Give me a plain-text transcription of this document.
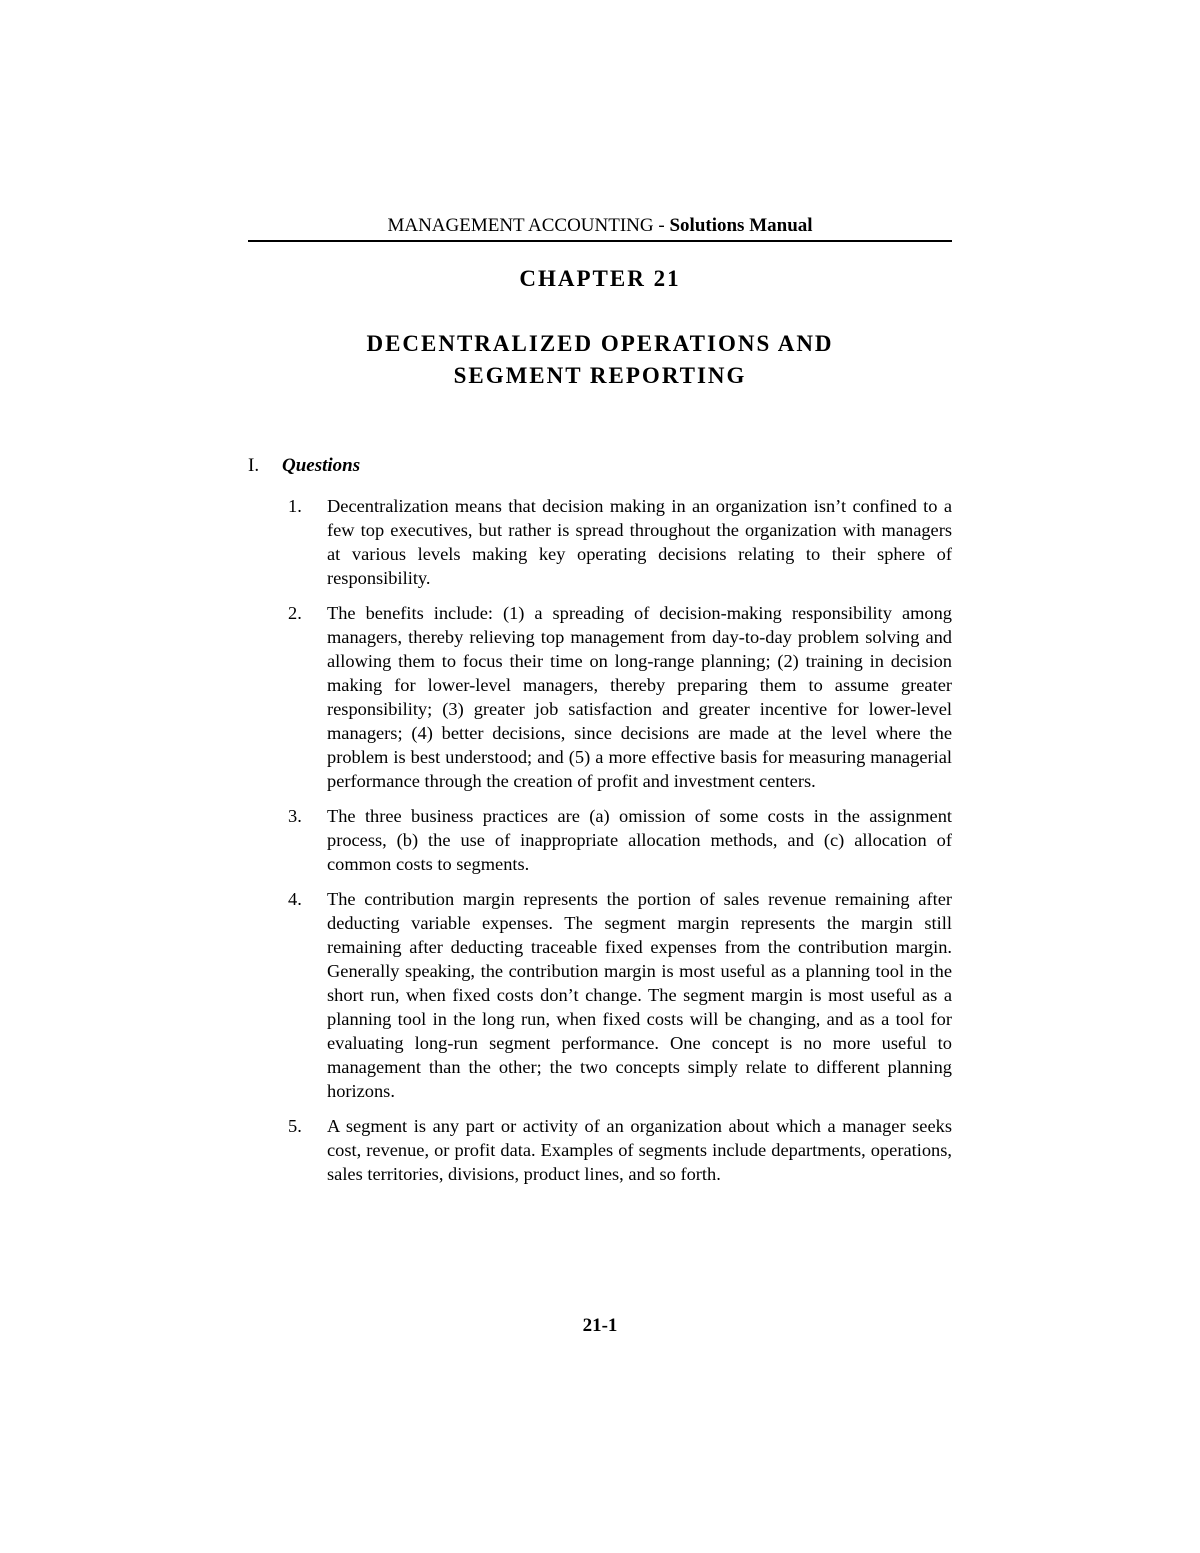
MANAGEMENT ACCOUNTING - Solutions Manual
CHAPTER 21
DECENTRALIZED OPERATIONS AND
SEGMENT REPORTING
I. Questions
1.	Decentralization means that decision making in an organization isn’t confined to a few top executives, but rather is spread throughout the organization with managers at various levels making key operating decisions relating to their sphere of responsibility.
2.	The benefits include: (1) a spreading of decision-making responsibility among managers, thereby relieving top management from day-to-day problem solving and allowing them to focus their time on long-range planning; (2) training in decision making for lower-level managers, thereby preparing them to assume greater responsibility; (3) greater job satisfaction and greater incentive for lower-level managers; (4) better decisions, since decisions are made at the level where the problem is best understood; and (5) a more effective basis for measuring managerial performance through the creation of profit and investment centers.
3.	The three business practices are (a) omission of some costs in the assignment process, (b) the use of inappropriate allocation methods, and (c) allocation of common costs to segments.
4.	The contribution margin represents the portion of sales revenue remaining after deducting variable expenses. The segment margin represents the margin still remaining after deducting traceable fixed expenses from the contribution margin. Generally speaking, the contribution margin is most useful as a planning tool in the short run, when fixed costs don’t change. The segment margin is most useful as a planning tool in the long run, when fixed costs will be changing, and as a tool for evaluating long-run segment performance. One concept is no more useful to management than the other; the two concepts simply relate to different planning horizons.
5.	A segment is any part or activity of an organization about which a manager seeks cost, revenue, or profit data. Examples of segments include departments, operations, sales territories, divisions, product lines, and so forth.
21-1
